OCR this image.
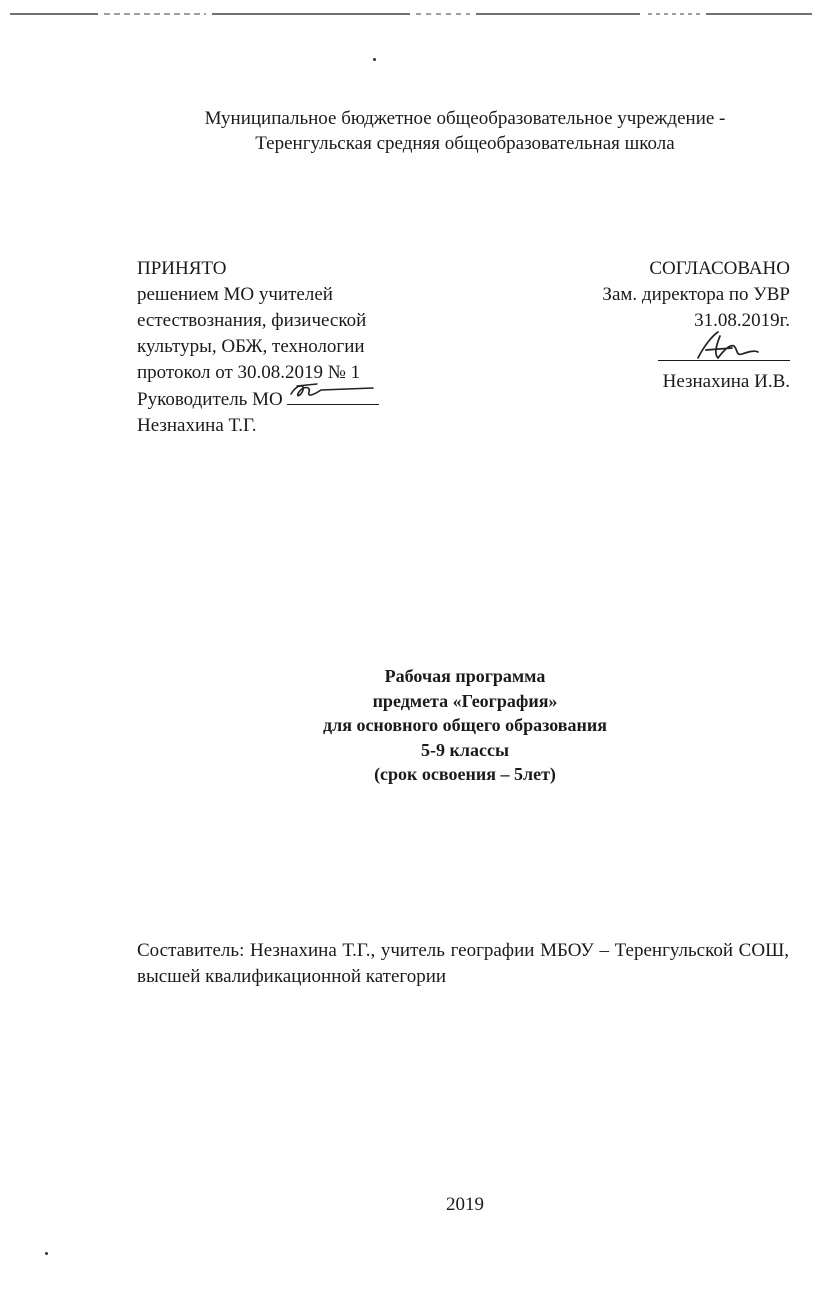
Муниципальное бюджетное общеобразовательное учреждение -
Теренгульская средняя общеобразовательная школа
ПРИНЯТО
решением МО учителей
естествознания, физической
культуры, ОБЖ, технологии
протокол от 30.08.2019 № 1
Руководитель МО
Незнахина Т.Г.
СОГЛАСОВАНО
Зам. директора по УВР
31.08.2019г.
Незнахина И.В.
Рабочая программа
предмета «География»
для основного общего образования
5-9 классы
(срок освоения – 5лет)
Составитель: Незнахина Т.Г., учитель географии МБОУ – Теренгульской СОШ, высшей квалификационной категории
2019
